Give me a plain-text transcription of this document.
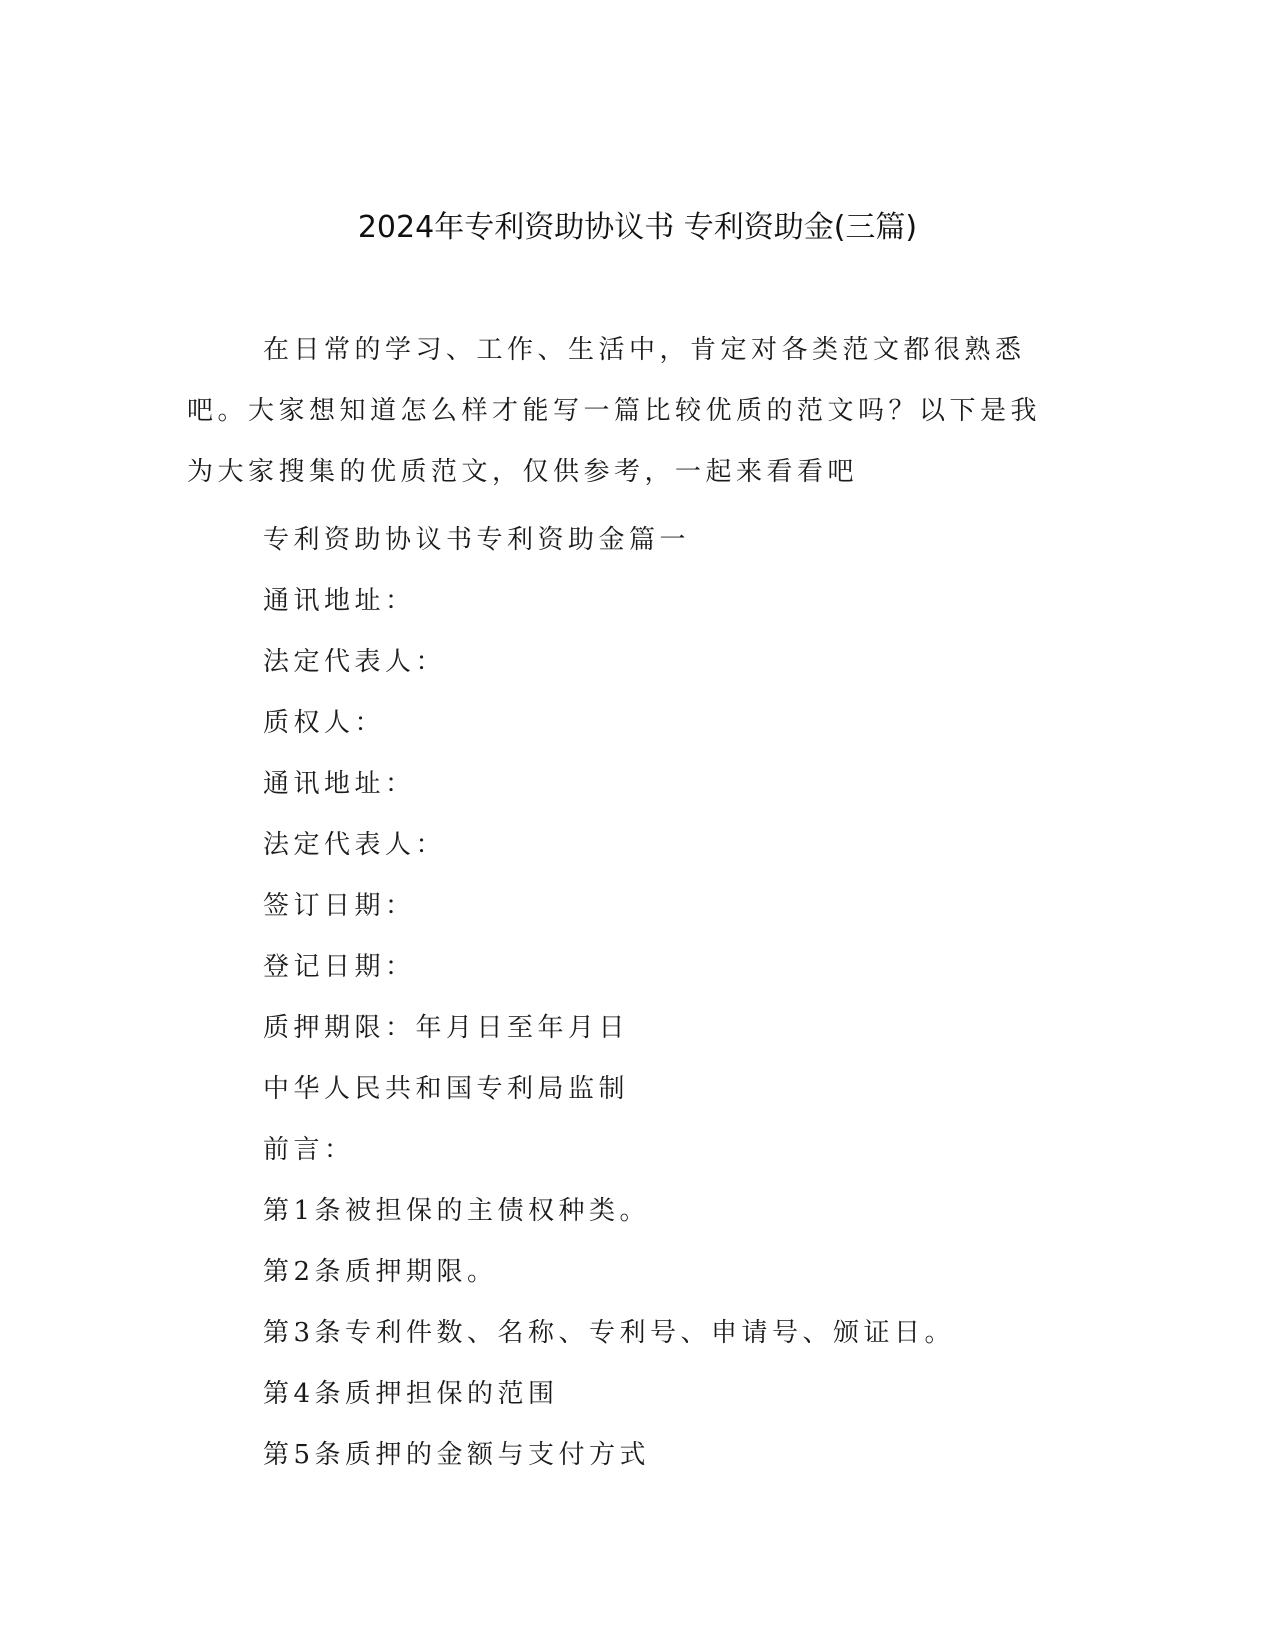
2024年专利资助协议书 专利资助金(三篇)
在日常的学习、工作、生活中，肯定对各类范文都很熟悉吧。大家想知道怎么样才能写一篇比较优质的范文吗？以下是我为大家搜集的优质范文，仅供参考，一起来看看吧
专利资助协议书专利资助金篇一
通讯地址：
法定代表人：
质权人：
通讯地址：
法定代表人：
签订日期：
登记日期：
质押期限：年月日至年月日
中华人民共和国专利局监制
前言：
第1条被担保的主债权种类。
第2条质押期限。
第3条专利件数、名称、专利号、申请号、颁证日。
第4条质押担保的范围
第5条质押的金额与支付方式
